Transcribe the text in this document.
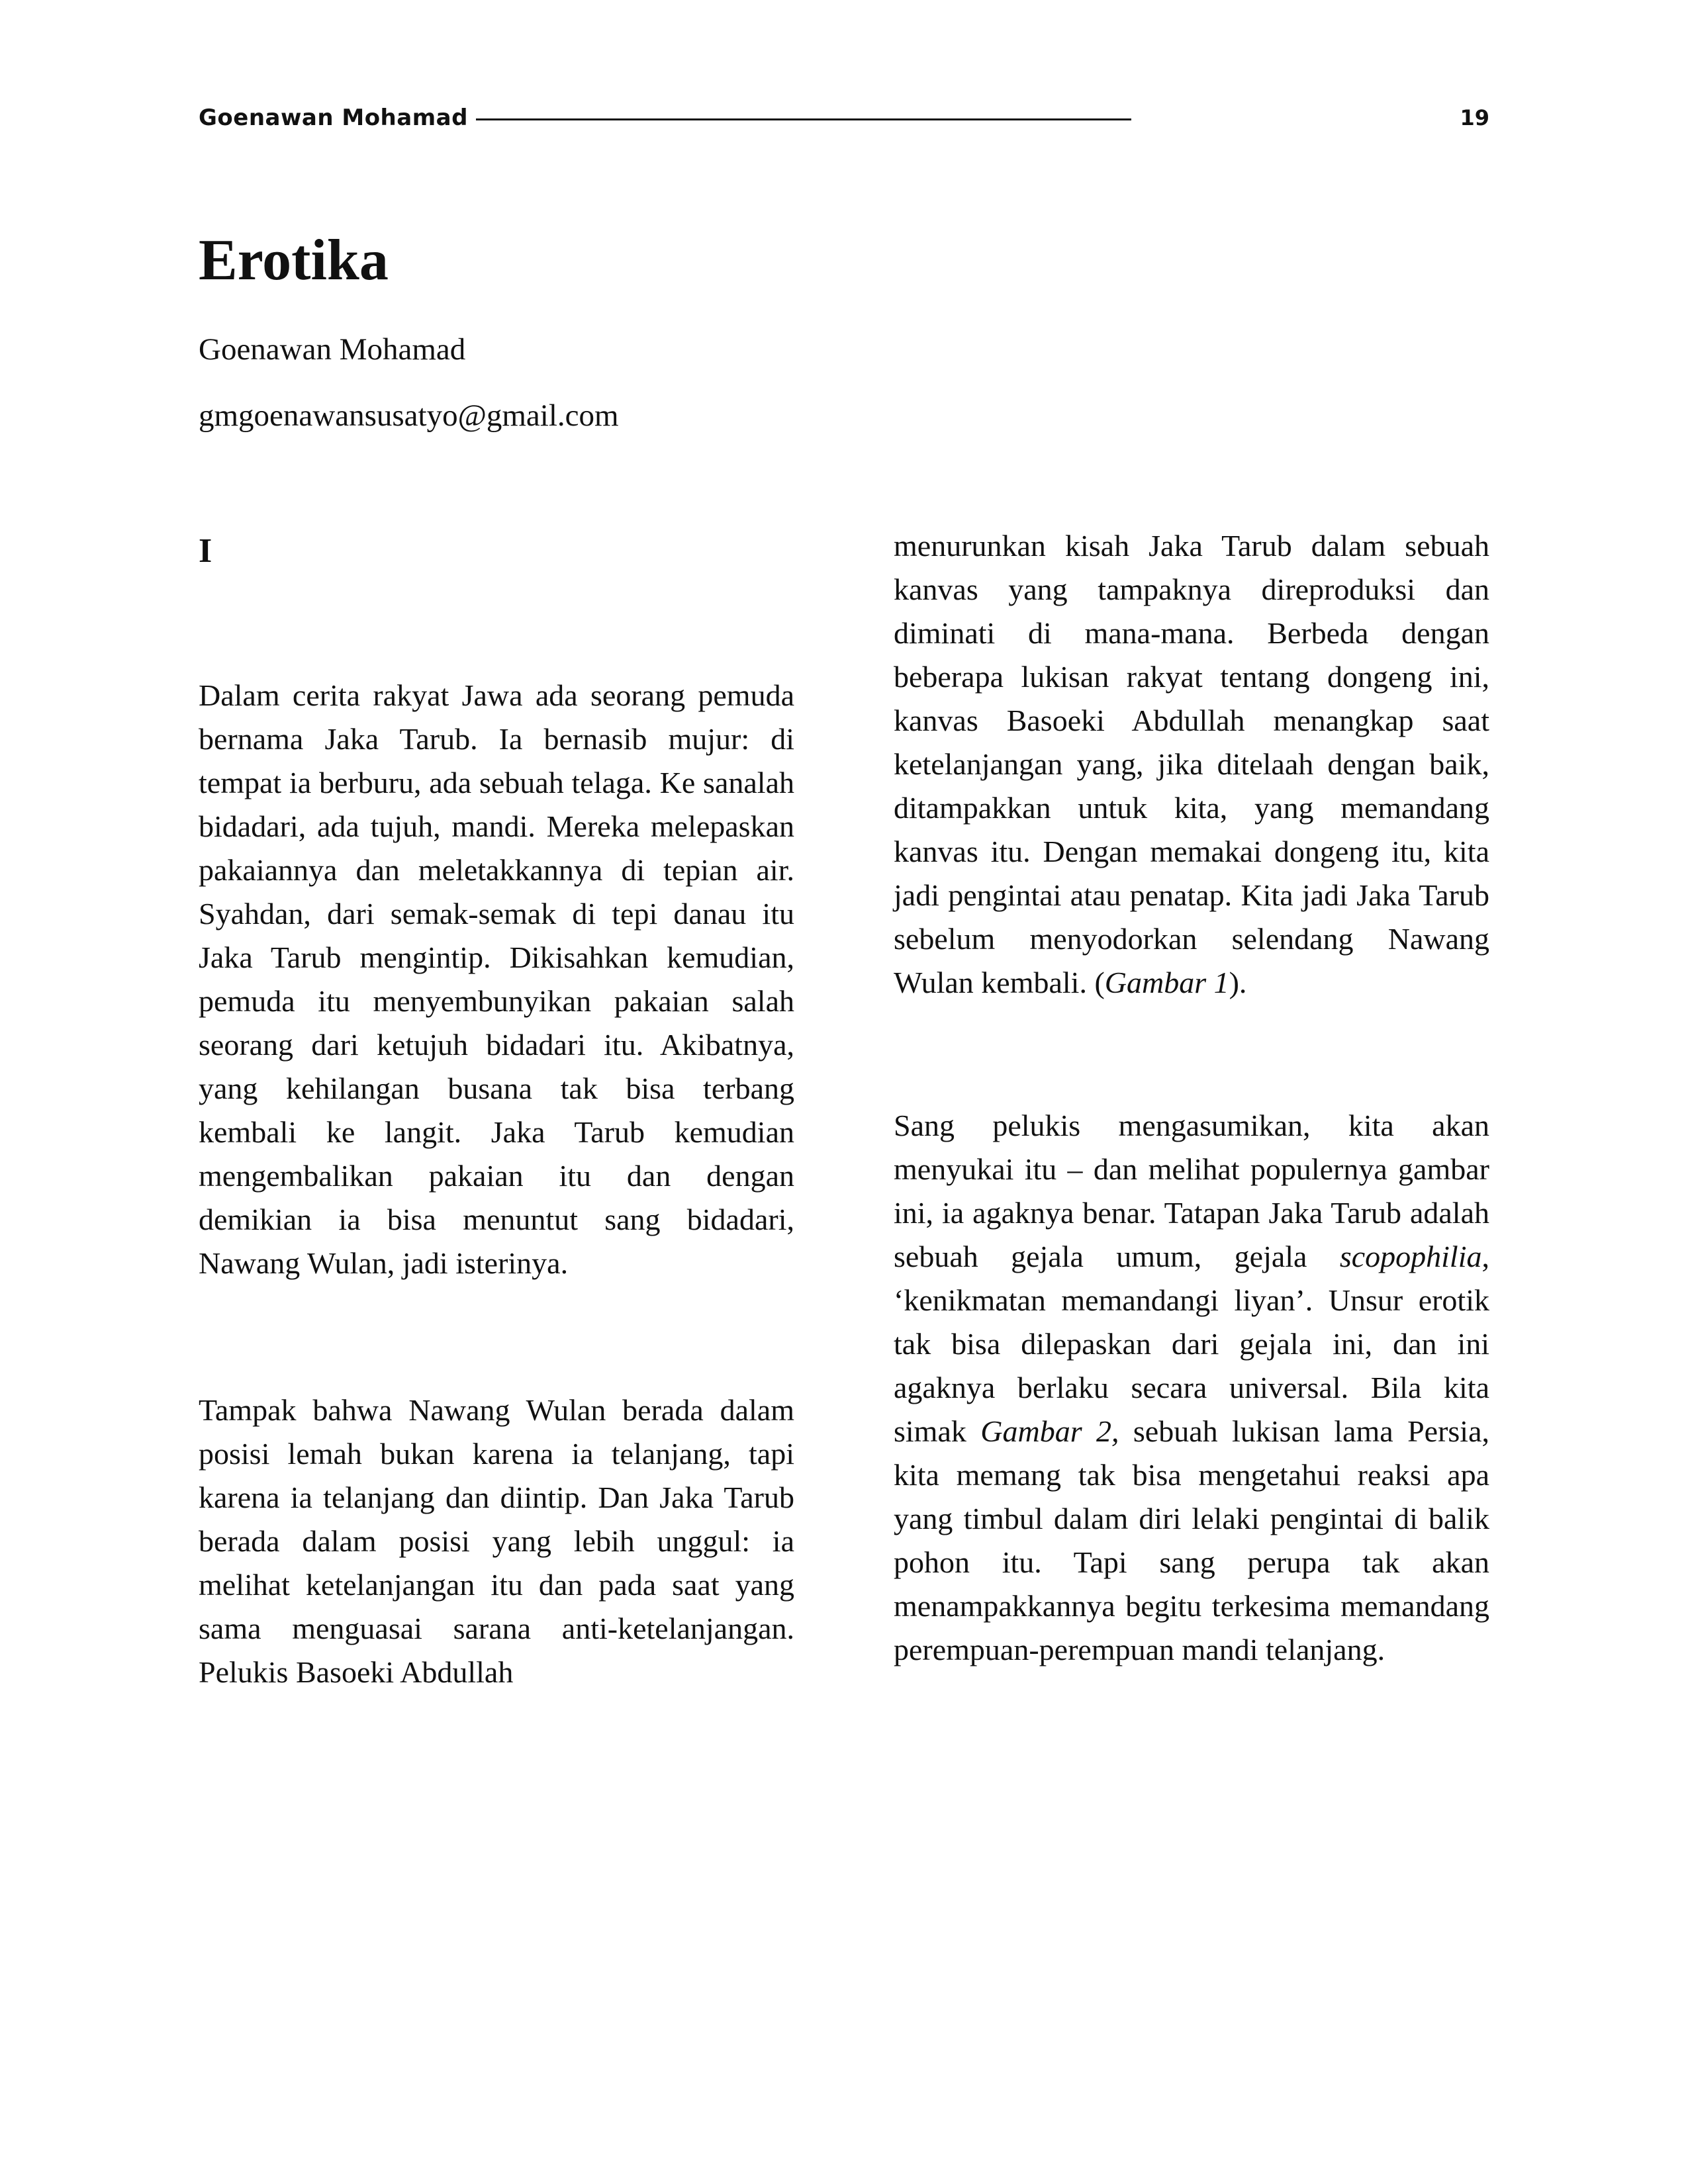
Goenawan Mohamad	19
Erotika

Goenawan Mohamad

gmgoenawansusatyo@gmail.com

I

Dalam cerita rakyat Jawa ada seorang pemuda bernama Jaka Tarub. Ia bernasib mujur: di tempat ia berburu, ada sebuah telaga. Ke sanalah bidadari, ada tujuh, mandi. Mereka melepaskan pakaiannya dan meletakkannya di tepian air. Syahdan, dari semak-semak di tepi danau itu Jaka Tarub mengintip. Dikisahkan kemudian, pemuda itu menyembunyikan pakaian salah seorang dari ketujuh bidadari itu. Akibatnya, yang kehilangan busana tak bisa terbang kembali ke langit. Jaka Tarub kemudian mengembalikan pakaian itu dan dengan demikian ia bisa menuntut sang bidadari, Nawang Wulan, jadi isterinya.

Tampak bahwa Nawang Wulan berada dalam posisi lemah bukan karena ia telanjang, tapi karena ia telanjang dan diintip. Dan Jaka Tarub berada dalam posisi yang lebih unggul: ia melihat ketelanjangan itu dan pada saat yang sama menguasai sarana anti-ketelanjangan. Pelukis Basoeki Abdullah

menurunkan kisah Jaka Tarub dalam sebuah kanvas yang tampaknya direproduksi dan diminati di mana-mana. Berbeda dengan beberapa lukisan rakyat tentang dongeng ini, kanvas Basoeki Abdullah menangkap saat ketelanjangan yang, jika ditelaah dengan baik, ditampakkan untuk kita, yang memandang kanvas itu. Dengan memakai dongeng itu, kita jadi pengintai atau penatap. Kita jadi Jaka Tarub sebelum menyodorkan selendang Nawang Wulan kembali. (Gambar 1).

Sang pelukis mengasumikan, kita akan menyukai itu – dan melihat populernya gambar ini, ia agaknya benar. Tatapan Jaka Tarub adalah sebuah gejala umum, gejala scopophilia, ‘kenikmatan memandangi liyan’. Unsur erotik tak bisa dilepaskan dari gejala ini, dan ini agaknya berlaku secara universal. Bila kita simak Gambar 2, sebuah lukisan lama Persia, kita memang tak bisa mengetahui reaksi apa yang timbul dalam diri lelaki pengintai di balik pohon itu. Tapi sang perupa tak akan menampakkannya begitu terkesima memandang perempuan-perempuan mandi telanjang.
